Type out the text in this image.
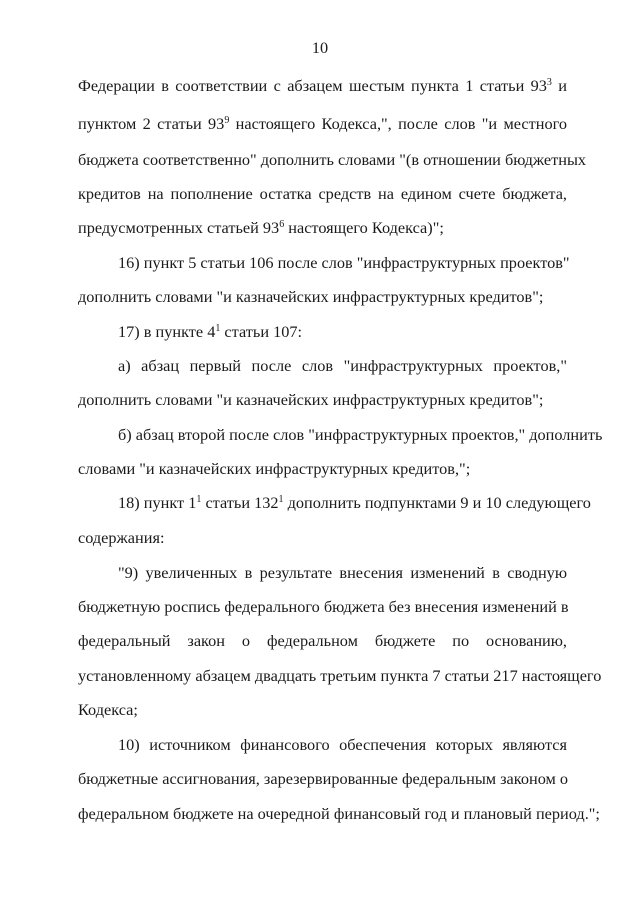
10
Федерации в соответствии с абзацем шестым пункта 1 статьи $93^3$ и
пунктом 2 статьи $93^9$ настоящего Кодекса,", после слов "и местного
бюджета соответственно" дополнить словами "(в отношении бюджетных
кредитов на пополнение остатка средств на едином счете бюджета,
предусмотренных статьей $93^6$ настоящего Кодекса)";
16) пункт 5 статьи 106 после слов "инфраструктурных проектов"
дополнить словами "и казначейских инфраструктурных кредитов";
17) в пункте $4^1$ статьи 107:
а) абзац первый после слов "инфраструктурных проектов,"
дополнить словами "и казначейских инфраструктурных кредитов";
б) абзац второй после слов "инфраструктурных проектов," дополнить
словами "и казначейских инфраструктурных кредитов,";
18) пункт $1^1$ статьи $132^1$ дополнить подпунктами 9 и 10 следующего
содержания:
"9) увеличенных в результате внесения изменений в сводную
бюджетную роспись федерального бюджета без внесения изменений в
федеральный закон о федеральном бюджете по основанию,
установленному абзацем двадцать третьим пункта 7 статьи 217 настоящего
Кодекса;
10) источником финансового обеспечения которых являются
бюджетные ассигнования, зарезервированные федеральным законом о
федеральном бюджете на очередной финансовый год и плановый период.";
